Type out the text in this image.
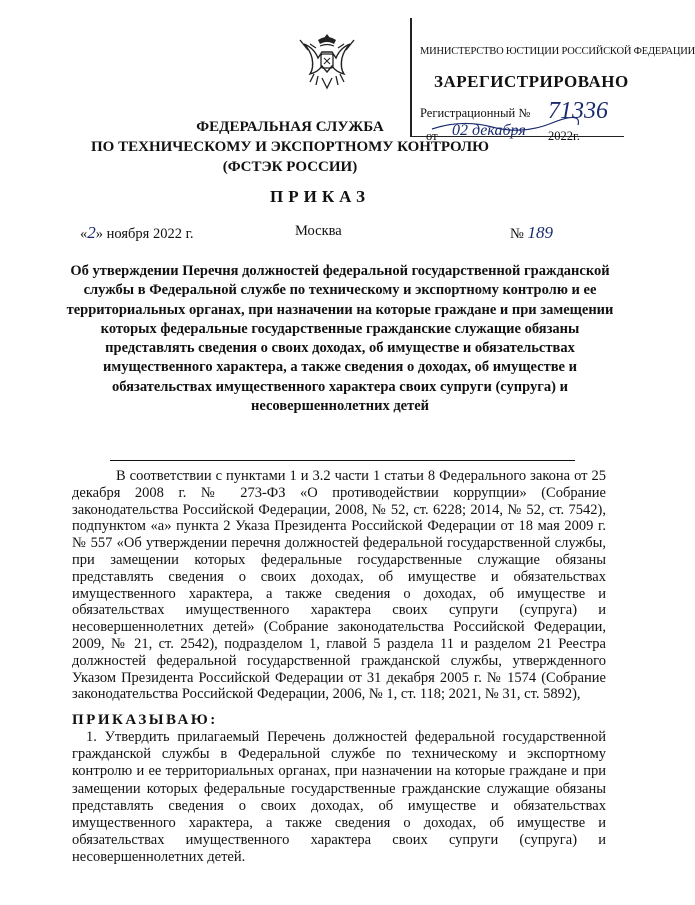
МИНИСТЕРСТВО ЮСТИЦИИ РОССИЙСКОЙ ФЕДЕРАЦИИ
ЗАРЕГИСТРИРОВАНО
Регистрационный № 71336
от 02 декабря 2022г.
ФЕДЕРАЛЬНАЯ СЛУЖБА
ПО ТЕХНИЧЕСКОМУ И ЭКСПОРТНОМУ КОНТРОЛЮ
(ФСТЭК РОССИИ)
ПРИКАЗ
«2» ноября 2022 г.	Москва	№ 189
Об утверждении Перечня должностей федеральной государственной гражданской службы в Федеральной службе по техническому и экспортному контролю и ее территориальных органах, при назначении на которые граждане и при замещении которых федеральные государственные гражданские служащие обязаны представлять сведения о своих доходах, об имуществе и обязательствах имущественного характера, а также сведения о доходах, об имуществе и обязательствах имущественного характера своих супруги (супруга) и несовершеннолетних детей
В соответствии с пунктами 1 и 3.2 части 1 статьи 8 Федерального закона от 25 декабря 2008 г. № 273-ФЗ «О противодействии коррупции» (Собрание законодательства Российской Федерации, 2008, № 52, ст. 6228; 2014, № 52, ст. 7542), подпунктом «а» пункта 2 Указа Президента Российской Федерации от 18 мая 2009 г. № 557 «Об утверждении перечня должностей федеральной государственной службы, при замещении которых федеральные государственные служащие обязаны представлять сведения о своих доходах, об имуществе и обязательствах имущественного характера, а также сведения о доходах, об имуществе и обязательствах имущественного характера своих супруги (супруга) и несовершеннолетних детей» (Собрание законодательства Российской Федерации, 2009, № 21, ст. 2542), подразделом 1, главой 5 раздела 11 и разделом 21 Реестра должностей федеральной государственной гражданской службы, утвержденного Указом Президента Российской Федерации от 31 декабря 2005 г. № 1574 (Собрание законодательства Российской Федерации, 2006, № 1, ст. 118; 2021, № 31, ст. 5892),
ПРИКАЗЫВАЮ:
1. Утвердить прилагаемый Перечень должностей федеральной государственной гражданской службы в Федеральной службе по техническому и экспортному контролю и ее территориальных органах, при назначении на которые граждане и при замещении которых федеральные государственные гражданские служащие обязаны представлять сведения о своих доходах, об имуществе и обязательствах имущественного характера, а также сведения о доходах, об имуществе и обязательствах имущественного характера своих супруги (супруга) и несовершеннолетних детей.
